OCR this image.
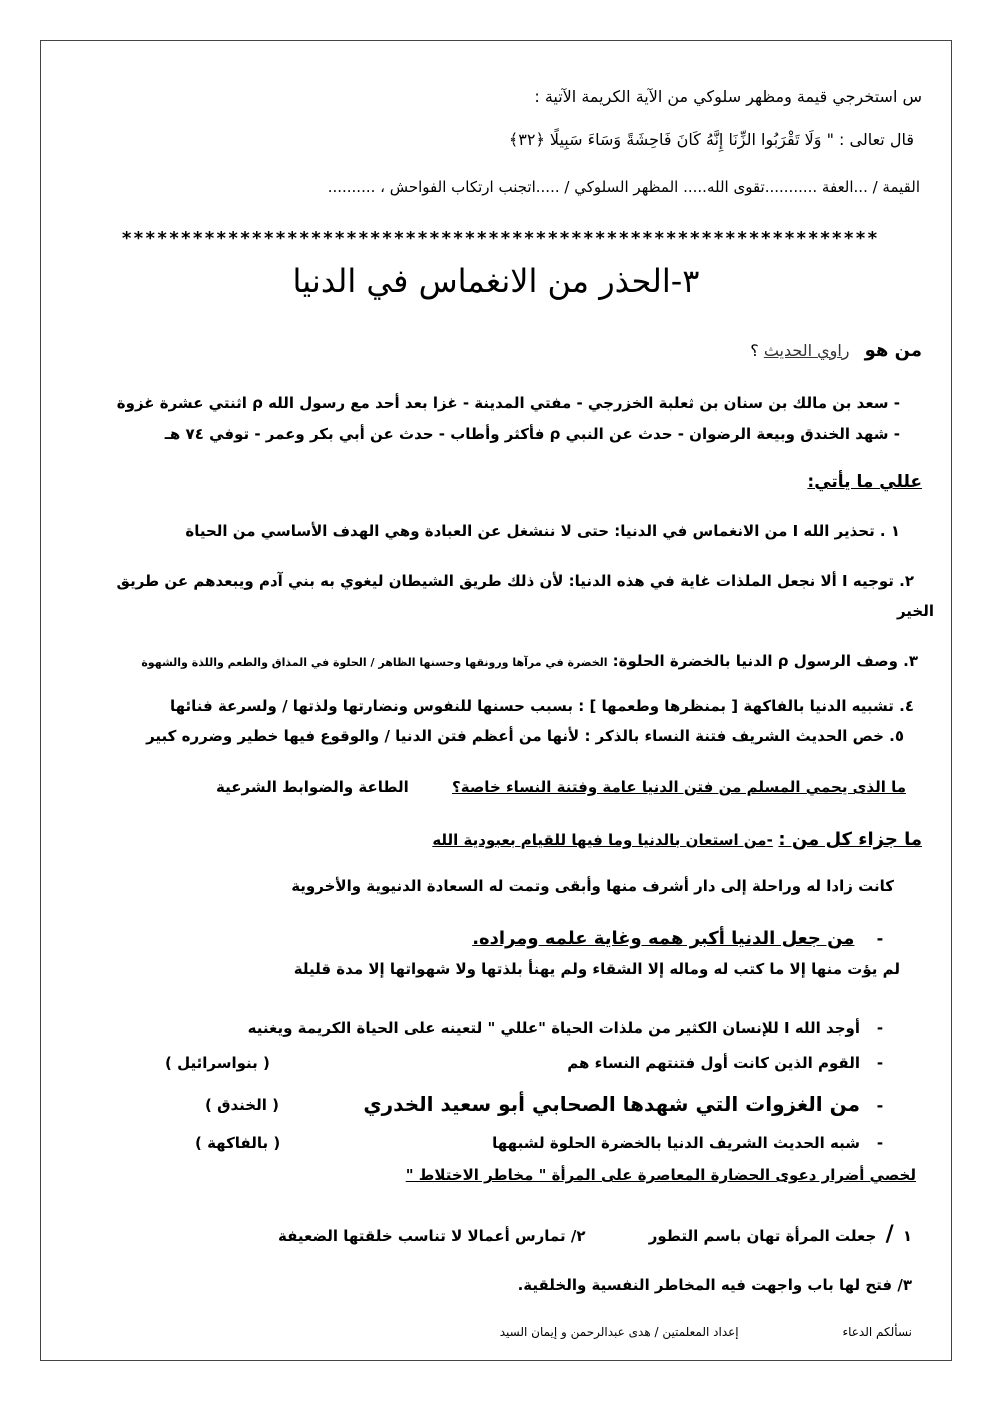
س استخرجي قيمة ومظهر سلوكي من الآية الكريمة الآتية :
قال تعالى : " وَلَا تَقْرَبُوا الزِّنَا إِنَّهُ كَانَ فَاحِشَةً وَسَاءَ سَبِيلًا ﴿٣٢﴾
القيمة / ...العفة ...........تقوى الله..... المظهر السلوكي / .....اتجنب ارتكاب الفواحش ، ..........
****************************************************************
٣-الحذر من الانغماس في الدنيا
من هو راوي الحديث ؟
- سعد بن مالك بن سنان بن ثعلبة الخزرجي - مفتي المدينة - غزا بعد أحد مع رسول الله ρ اثنتي عشرة غزوة
- شهد الخندق وبيعة الرضوان - حدث عن النبي ρ فأكثر وأطاب - حدث عن أبي بكر وعمر - توفي ٧٤ هـ
عللي ما يأتي:
١ . تحذير الله I من الانغماس في الدنيا: حتى لا ننشغل عن العبادة وهي الهدف الأساسي من الحياة
٢. توجيه I ألا نجعل الملذات غاية في هذه الدنيا: لأن ذلك طريق الشيطان ليغوي به بني آدم ويبعدهم عن طريق
الخير
٣. وصف الرسول ρ الدنيا بالخضرة الحلوة: الخضرة في مرآها ورونقها وحسنها الظاهر / الحلوة في المذاق والطعم واللذة والشهوة
٤. تشبيه الدنيا بالفاكهة [ بمنظرها وطعمها ] : بسبب حسنها للنفوس ونضارتها ولذتها / ولسرعة فنائها
٥. خص الحديث الشريف فتنة النساء بالذكر : لأنها من أعظم فتن الدنيا / والوقوع فيها خطير وضرره كبير
ما الذى يحمي المسلم من فتن الدنيا عامة وفتنة النساء خاصة؟ الطاعة والضوابط الشرعية
ما جزاء كل من : -من استعان بالدنيا وما فيها للقيام بعبودية الله
كانت زادا له وراحلة إلى دار أشرف منها وأبقى وتمت له السعادة الدنيوية والأخروية
- من جعل الدنيا أكبر همه وغاية علمه ومراده.
لم يؤت منها إلا ما كتب له وماله إلا الشقاء ولم يهنأ بلذتها ولا شهواتها إلا مدة قليلة
-أوجد الله I للإنسان الكثير من ملذات الحياة "عللي " لتعينه على الحياة الكريمة ويغنيه
-القوم الذين كانت أول فتنتهم النساء هم
( بنواسرائيل )
-من الغزوات التي شهدها الصحابي أبو سعيد الخدري
( الخندق )
-شبه الحديث الشريف الدنيا بالخضرة الحلوة لشبهها
( بالفاكهة )
لخصي أضرار دعوى الحضارة المعاصرة على المرأة " مخاطر الاختلاط "
١ / جعلت المرأة تهان باسم التطور ٢/ تمارس أعمالا لا تناسب خلقتها الضعيفة
٣/ فتح لها باب واجهت فيه المخاطر النفسية والخلقية.
نسألكم الدعاء إعداد المعلمتين / هدى عبدالرحمن و إيمان السيد
